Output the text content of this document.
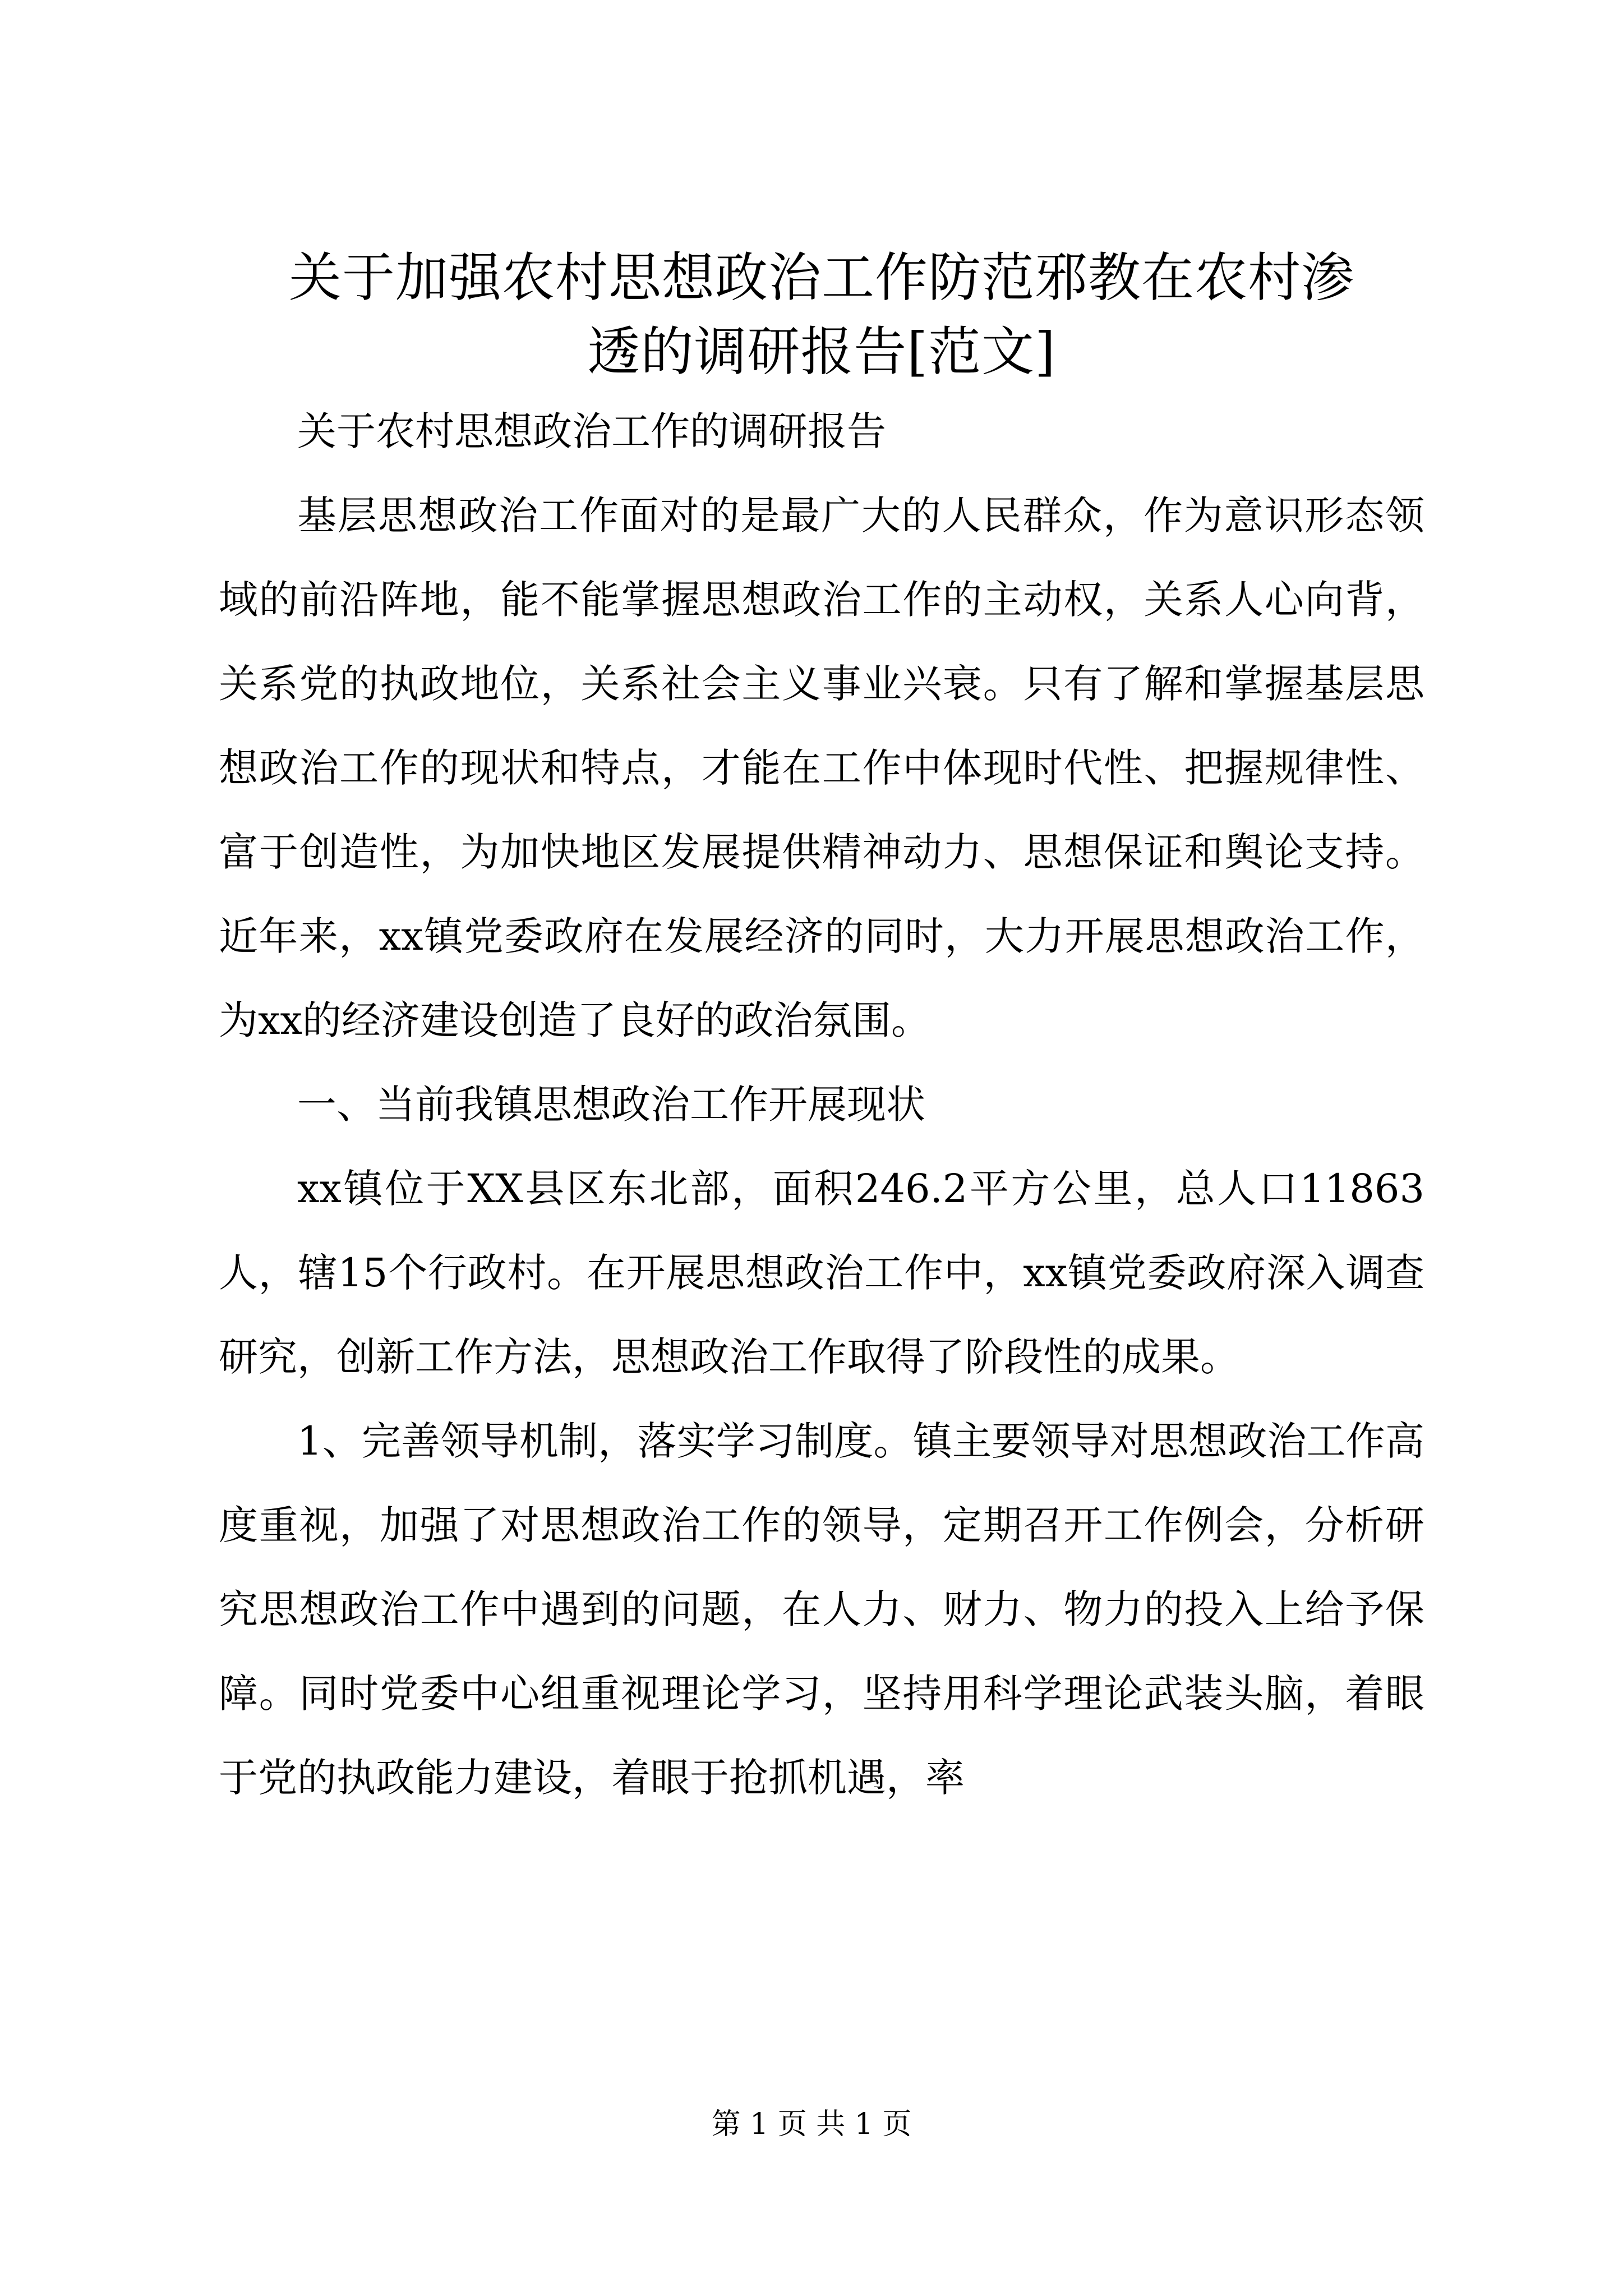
关于加强农村思想政治工作防范邪教在农村渗
透的调研报告[范文]

关于农村思想政治工作的调研报告

基层思想政治工作面对的是最广大的人民群众，作为意识形态领域的前沿阵地，能不能掌握思想政治工作的主动权，关系人心向背，关系党的执政地位，关系社会主义事业兴衰。只有了解和掌握基层思想政治工作的现状和特点，才能在工作中体现时代性、把握规律性、富于创造性，为加快地区发展提供精神动力、思想保证和舆论支持。近年来，xx镇党委政府在发展经济的同时，大力开展思想政治工作，为xx的经济建设创造了良好的政治氛围。

一、当前我镇思想政治工作开展现状

xx镇位于XX县区东北部，面积246.2平方公里，总人口11863人，辖15个行政村。在开展思想政治工作中，xx镇党委政府深入调查研究，创新工作方法，思想政治工作取得了阶段性的成果。

1、完善领导机制，落实学习制度。镇主要领导对思想政治工作高度重视，加强了对思想政治工作的领导，定期召开工作例会，分析研究思想政治工作中遇到的问题，在人力、财力、物力的投入上给予保障。同时党委中心组重视理论学习，坚持用科学理论武装头脑，着眼于党的执政能力建设，着眼于抢抓机遇，率

第 1 页 共 1 页
